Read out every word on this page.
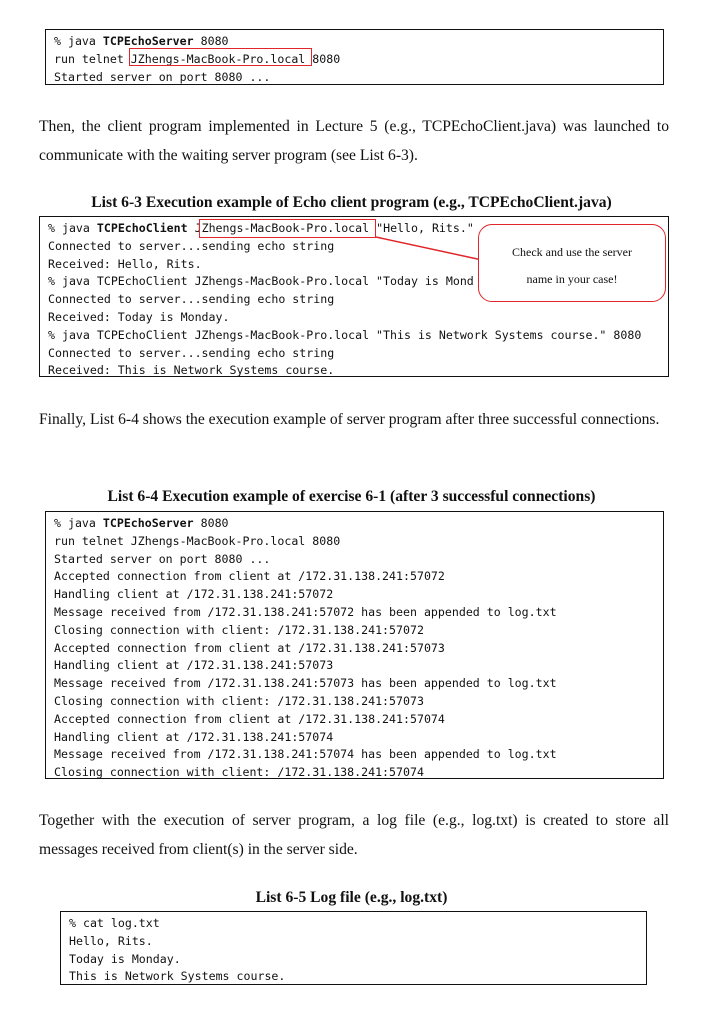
% java TCPEchoServer 8080
run telnet JZhengs-MacBook-Pro.local 8080
Started server on port 8080 ...
Then, the client program implemented in Lecture 5 (e.g., TCPEchoClient.java) was launched to communicate with the waiting server program (see List 6-3).
List 6-3 Execution example of Echo client program (e.g., TCPEchoClient.java)
% java TCPEchoClient JZhengs-MacBook-Pro.local "Hello, Rits."
Connected to server...sending echo string
Received: Hello, Rits.
% java TCPEchoClient JZhengs-MacBook-Pro.local "Today is Mond
Connected to server...sending echo string
Received: Today is Monday.
% java TCPEchoClient JZhengs-MacBook-Pro.local "This is Network Systems course." 8080
Connected to server...sending echo string
Received: This is Network Systems course.
Check and use the server
name in your case!
Finally, List 6-4 shows the execution example of server program after three successful connections.
List 6-4 Execution example of exercise 6-1 (after 3 successful connections)
% java TCPEchoServer 8080
run telnet JZhengs-MacBook-Pro.local 8080
Started server on port 8080 ...
Accepted connection from client at /172.31.138.241:57072
Handling client at /172.31.138.241:57072
Message received from /172.31.138.241:57072 has been appended to log.txt
Closing connection with client: /172.31.138.241:57072
Accepted connection from client at /172.31.138.241:57073
Handling client at /172.31.138.241:57073
Message received from /172.31.138.241:57073 has been appended to log.txt
Closing connection with client: /172.31.138.241:57073
Accepted connection from client at /172.31.138.241:57074
Handling client at /172.31.138.241:57074
Message received from /172.31.138.241:57074 has been appended to log.txt
Closing connection with client: /172.31.138.241:57074
Together with the execution of server program, a log file (e.g., log.txt) is created to store all messages received from client(s) in the server side.
List 6-5 Log file (e.g., log.txt)
% cat log.txt
Hello, Rits.
Today is Monday.
This is Network Systems course.
